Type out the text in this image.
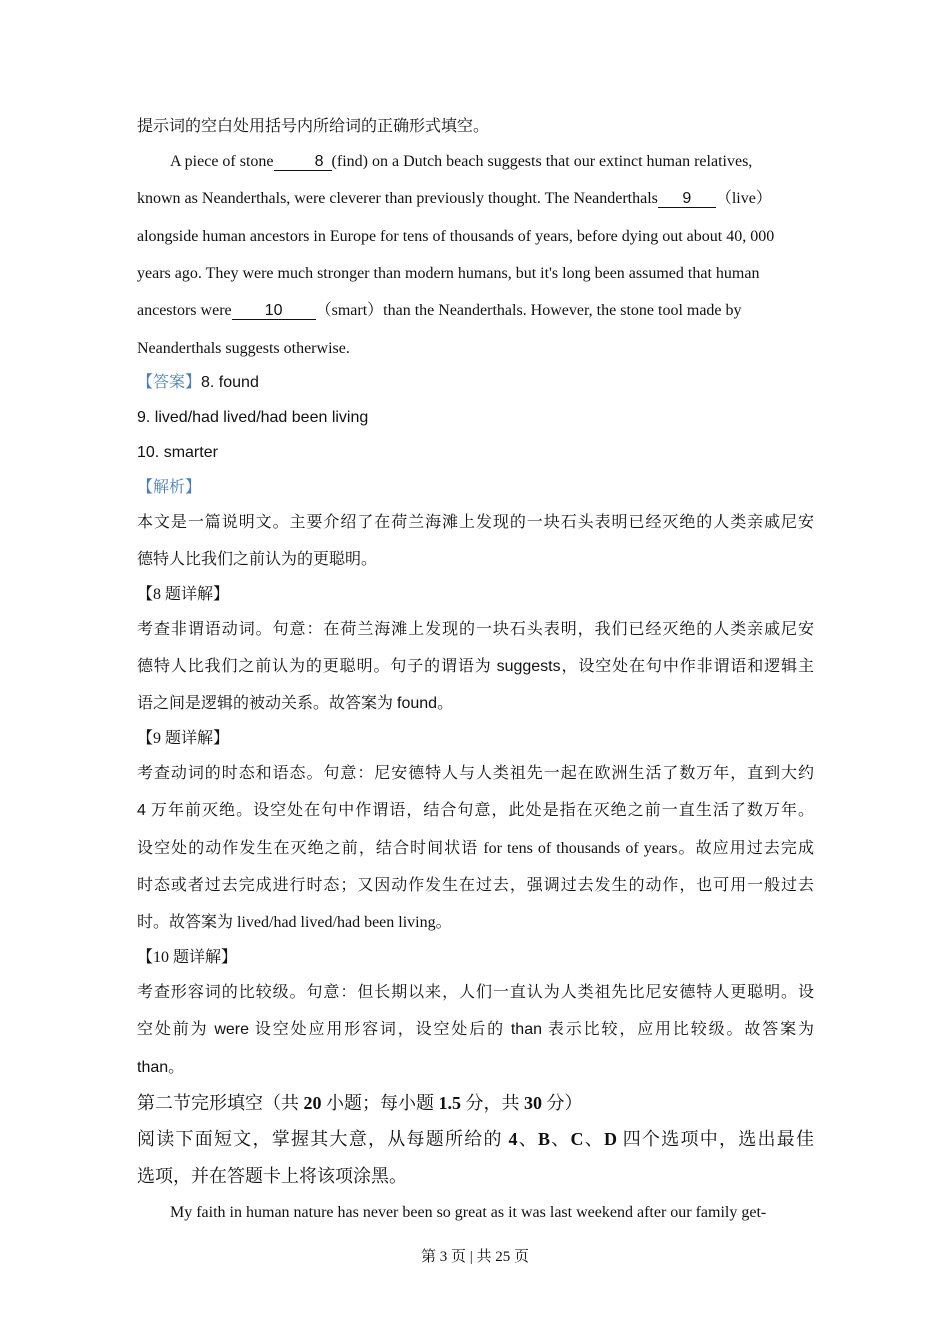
提示词的空白处用括号内所给词的正确形式填空。
A piece of stone	8 (find) on a Dutch beach suggests that our extinct human relatives,
known as Neanderthals, were cleverer than previously thought. The Neanderthals 9 （live）
alongside human ancestors in Europe for tens of thousands of years, before dying out about 40, 000
years ago. They were much stronger than modern humans, but it's long been assumed that human
ancestors were 10 （smart）than the Neanderthals. However, the stone tool made by
Neanderthals suggests otherwise.
【答案】8. found
9. lived/had lived/had been living
10. smarter
【解析】
本文是一篇说明文。主要介绍了在荷兰海滩上发现的一块石头表明已经灭绝的人类亲戚尼安
德特人比我们之前认为的更聪明。
【8 题详解】
考查非谓语动词。句意：在荷兰海滩上发现的一块石头表明，我们已经灭绝的人类亲戚尼安
德特人比我们之前认为的更聪明。句子的谓语为 suggests，设空处在句中作非谓语和逻辑主
语之间是逻辑的被动关系。故答案为 found。
【9 题详解】
考查动词的时态和语态。句意：尼安德特人与人类祖先一起在欧洲生活了数万年，直到大约
4 万年前灭绝。设空处在句中作谓语，结合句意，此处是指在灭绝之前一直生活了数万年。
设空处的动作发生在灭绝之前，结合时间状语 for tens of thousands of years。故应用过去完成
时态或者过去完成进行时态；又因动作发生在过去，强调过去发生的动作，也可用一般过去
时。故答案为 lived/had lived/had been living。
【10 题详解】
考查形容词的比较级。句意：但长期以来，人们一直认为人类祖先比尼安德特人更聪明。设
空处前为 were 设空处应用形容词，设空处后的 than 表示比较，应用比较级。故答案为
than。
第二节完形填空（共 20 小题；每小题 1.5 分，共 30 分）
阅读下面短文，掌握其大意，从每题所给的 4、B、C、D 四个选项中，选出最佳
选项，并在答题卡上将该项涂黑。
My faith in human nature has never been so great as it was last weekend after our family get-
第 3 页 | 共 25 页
